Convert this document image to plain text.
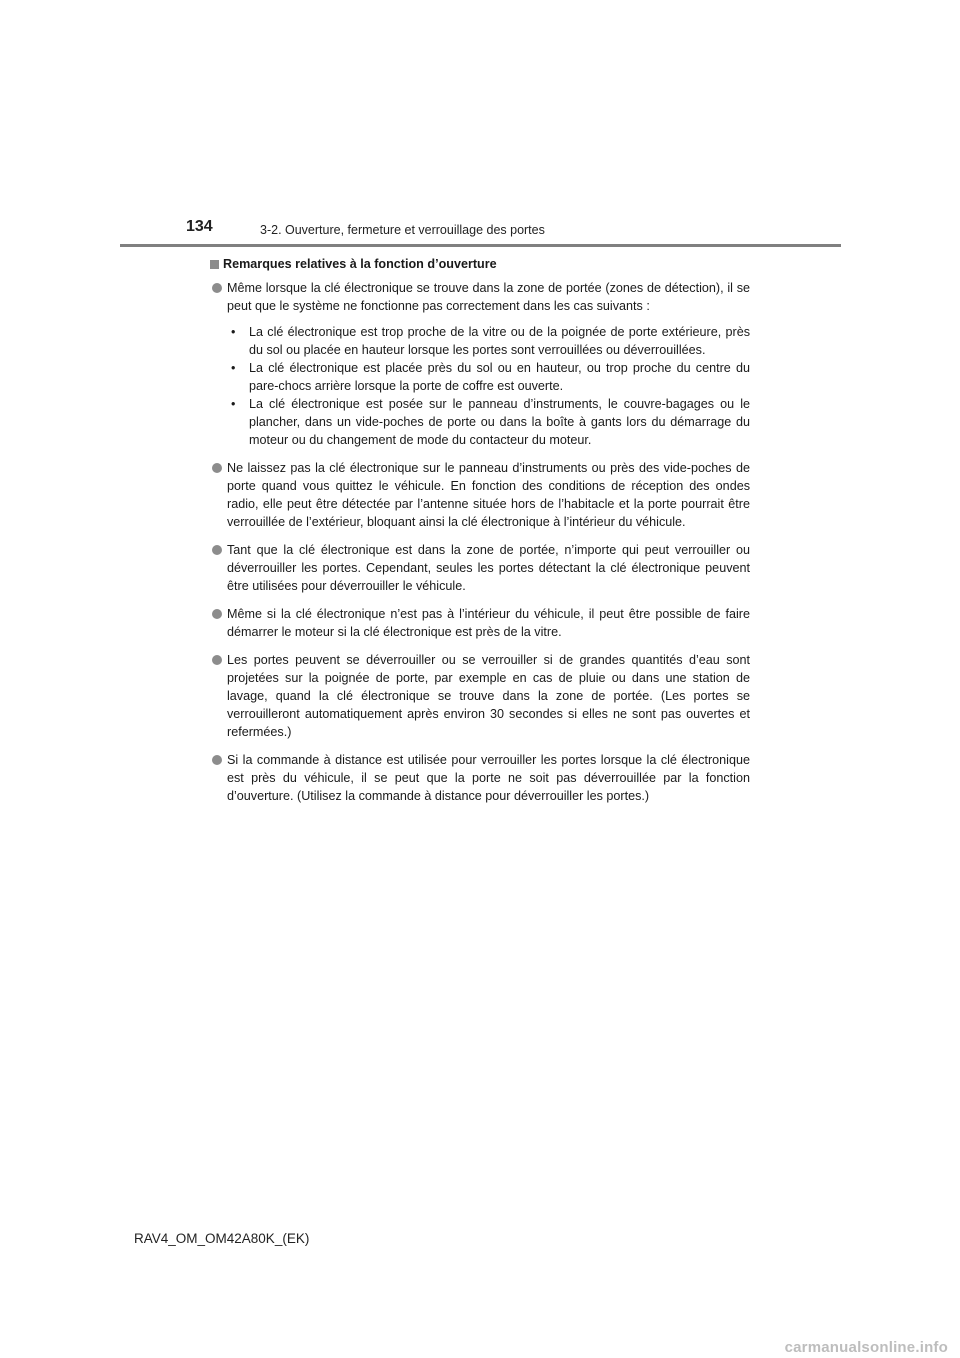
134	3-2. Ouverture, fermeture et verrouillage des portes
Remarques relatives à la fonction d’ouverture

Même lorsque la clé électronique se trouve dans la zone de portée (zones de détection), il se peut que le système ne fonctionne pas correctement dans les cas suivants :

• La clé électronique est trop proche de la vitre ou de la poignée de porte extérieure, près du sol ou placée en hauteur lorsque les portes sont verrouillées ou déverrouillées.
• La clé électronique est placée près du sol ou en hauteur, ou trop proche du centre du pare-chocs arrière lorsque la porte de coffre est ouverte.
• La clé électronique est posée sur le panneau d’instruments, le couvre-bagages ou le plancher, dans un vide-poches de porte ou dans la boîte à gants lors du démarrage du moteur ou du changement de mode du contacteur du moteur.

Ne laissez pas la clé électronique sur le panneau d’instruments ou près des vide-poches de porte quand vous quittez le véhicule. En fonction des conditions de réception des ondes radio, elle peut être détectée par l’antenne située hors de l’habitacle et la porte pourrait être verrouillée de l’extérieur, bloquant ainsi la clé électronique à l’intérieur du véhicule.

Tant que la clé électronique est dans la zone de portée, n’importe qui peut verrouiller ou déverrouiller les portes. Cependant, seules les portes détectant la clé électronique peuvent être utilisées pour déverrouiller le véhicule.

Même si la clé électronique n’est pas à l’intérieur du véhicule, il peut être possible de faire démarrer le moteur si la clé électronique est près de la vitre.

Les portes peuvent se déverrouiller ou se verrouiller si de grandes quantités d’eau sont projetées sur la poignée de porte, par exemple en cas de pluie ou dans une station de lavage, quand la clé électronique se trouve dans la zone de portée. (Les portes se verrouilleront automatiquement après environ 30 secondes si elles ne sont pas ouvertes et refermées.)

Si la commande à distance est utilisée pour verrouiller les portes lorsque la clé électronique est près du véhicule, il se peut que la porte ne soit pas déverrouillée par la fonction d’ouverture. (Utilisez la commande à distance pour déverrouiller les portes.)

RAV4_OM_OM42A80K_(EK)
carmanualsonline.info
